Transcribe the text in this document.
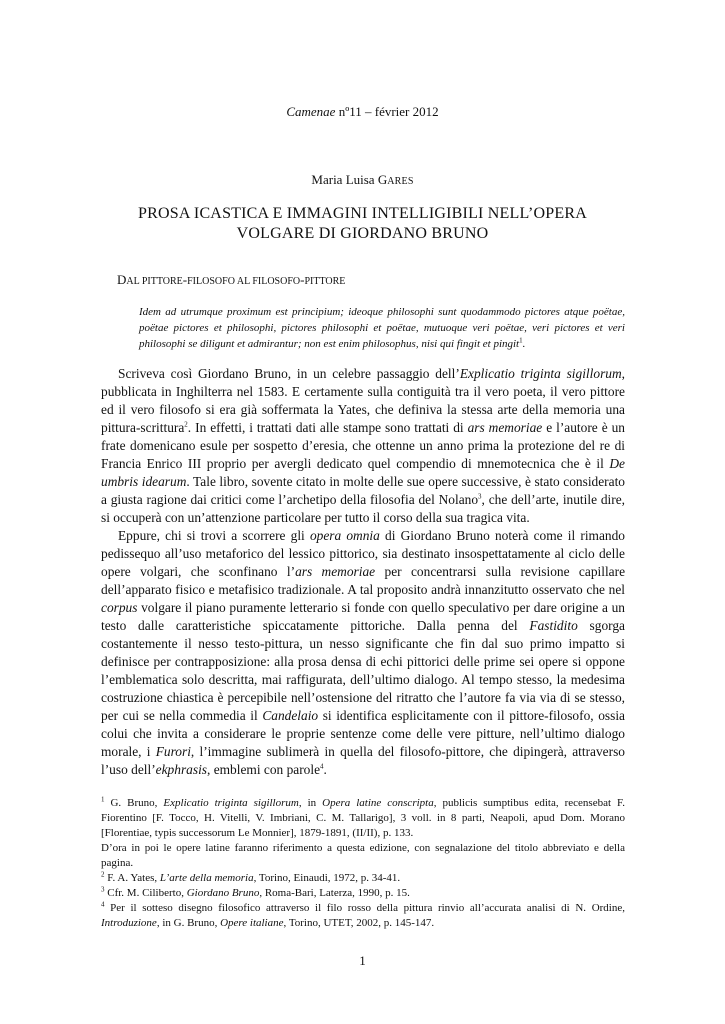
Camenae nº11 – février 2012
Maria Luisa GARES
PROSA ICASTICA E IMMAGINI INTELLIGIBILI NELL’OPERA
VOLGARE DI GIORDANO BRUNO
DAL PITTORE-FILOSOFO AL FILOSOFO-PITTORE
Idem ad utrumque proximum est principium; ideoque philosophi sunt quodammodo pictores atque poëtae, poëtae pictores et philosophi, pictores philosophi et poëtae, mutuoque veri poëtae, veri pictores et veri philosophi se diligunt et admirantur; non est enim philosophus, nisi qui fingit et pingit$^1$.

Scriveva così Giordano Bruno, in un celebre passaggio dell’Explicatio triginta sigillorum, pubblicata in Inghilterra nel 1583. E certamente sulla contiguità tra il vero poeta, il vero pittore ed il vero filosofo si era già soffermata la Yates, che definiva la stessa arte della memoria una pittura-scrittura$^2$. In effetti, i trattati dati alle stampe sono trattati di ars memoriae e l’autore è un frate domenicano esule per sospetto d’eresia, che ottenne un anno prima la protezione del re di Francia Enrico III proprio per avergli dedicato quel compendio di mnemotecnica che è il De umbris idearum. Tale libro, sovente citato in molte delle sue opere successive, è stato considerato a giusta ragione dai critici come l’archetipo della filosofia del Nolano$^3$, che dell’arte, inutile dire, si occuperà con un’attenzione particolare per tutto il corso della sua tragica vita.

Eppure, chi si trovi a scorrere gli opera omnia di Giordano Bruno noterà come il rimando pedissequo all’uso metaforico del lessico pittorico, sia destinato insospettatamente al ciclo delle opere volgari, che sconfinano l’ars memoriae per concentrarsi sulla revisione capillare dell’apparato fisico e metafisico tradizionale. A tal proposito andrà innanzitutto osservato che nel corpus volgare il piano puramente letterario si fonde con quello speculativo per dare origine a un testo dalle caratteristiche spiccatamente pittoriche. Dalla penna del Fastidito sgorga costantemente il nesso testo-pittura, un nesso significante che fin dal suo primo impatto si definisce per contrapposizione: alla prosa densa di echi pittorici delle prime sei opere si oppone l’emblematica solo descritta, mai raffigurata, dell’ultimo dialogo. Al tempo stesso, la medesima costruzione chiastica è percepibile nell’ostensione del ritratto che l’autore fa via via di se stesso, per cui se nella commedia il Candelaio si identifica esplicitamente con il pittore-filosofo, ossia colui che invita a considerare le proprie sentenze come delle vere pitture, nell’ultimo dialogo morale, i Furori, l’immagine sublimerà in quella del filosofo-pittore, che dipingerà, attraverso l’uso dell’ekphrasis, emblemi con parole$^4$.

$^1$ G. Bruno, Explicatio triginta sigillorum, in Opera latine conscripta, publicis sumptibus edita, recensebat F. Fiorentino [F. Tocco, H. Vitelli, V. Imbriani, C. M. Tallarigo], 3 voll. in 8 parti, Neapoli, apud Dom. Morano [Florentiae, typis successorum Le Monnier], 1879-1891, (II/II), p. 133.

D’ora in poi le opere latine faranno riferimento a questa edizione, con segnalazione del titolo abbreviato e della pagina.

$^2$ F. A. Yates, L’arte della memoria, Torino, Einaudi, 1972, p. 34-41.

$^3$ Cfr. M. Ciliberto, Giordano Bruno, Roma-Bari, Laterza, 1990, p. 15.

$^4$ Per il sotteso disegno filosofico attraverso il filo rosso della pittura rinvio all’accurata analisi di N. Ordine, Introduzione, in G. Bruno, Opere italiane, Torino, UTET, 2002, p. 145-147.

1
